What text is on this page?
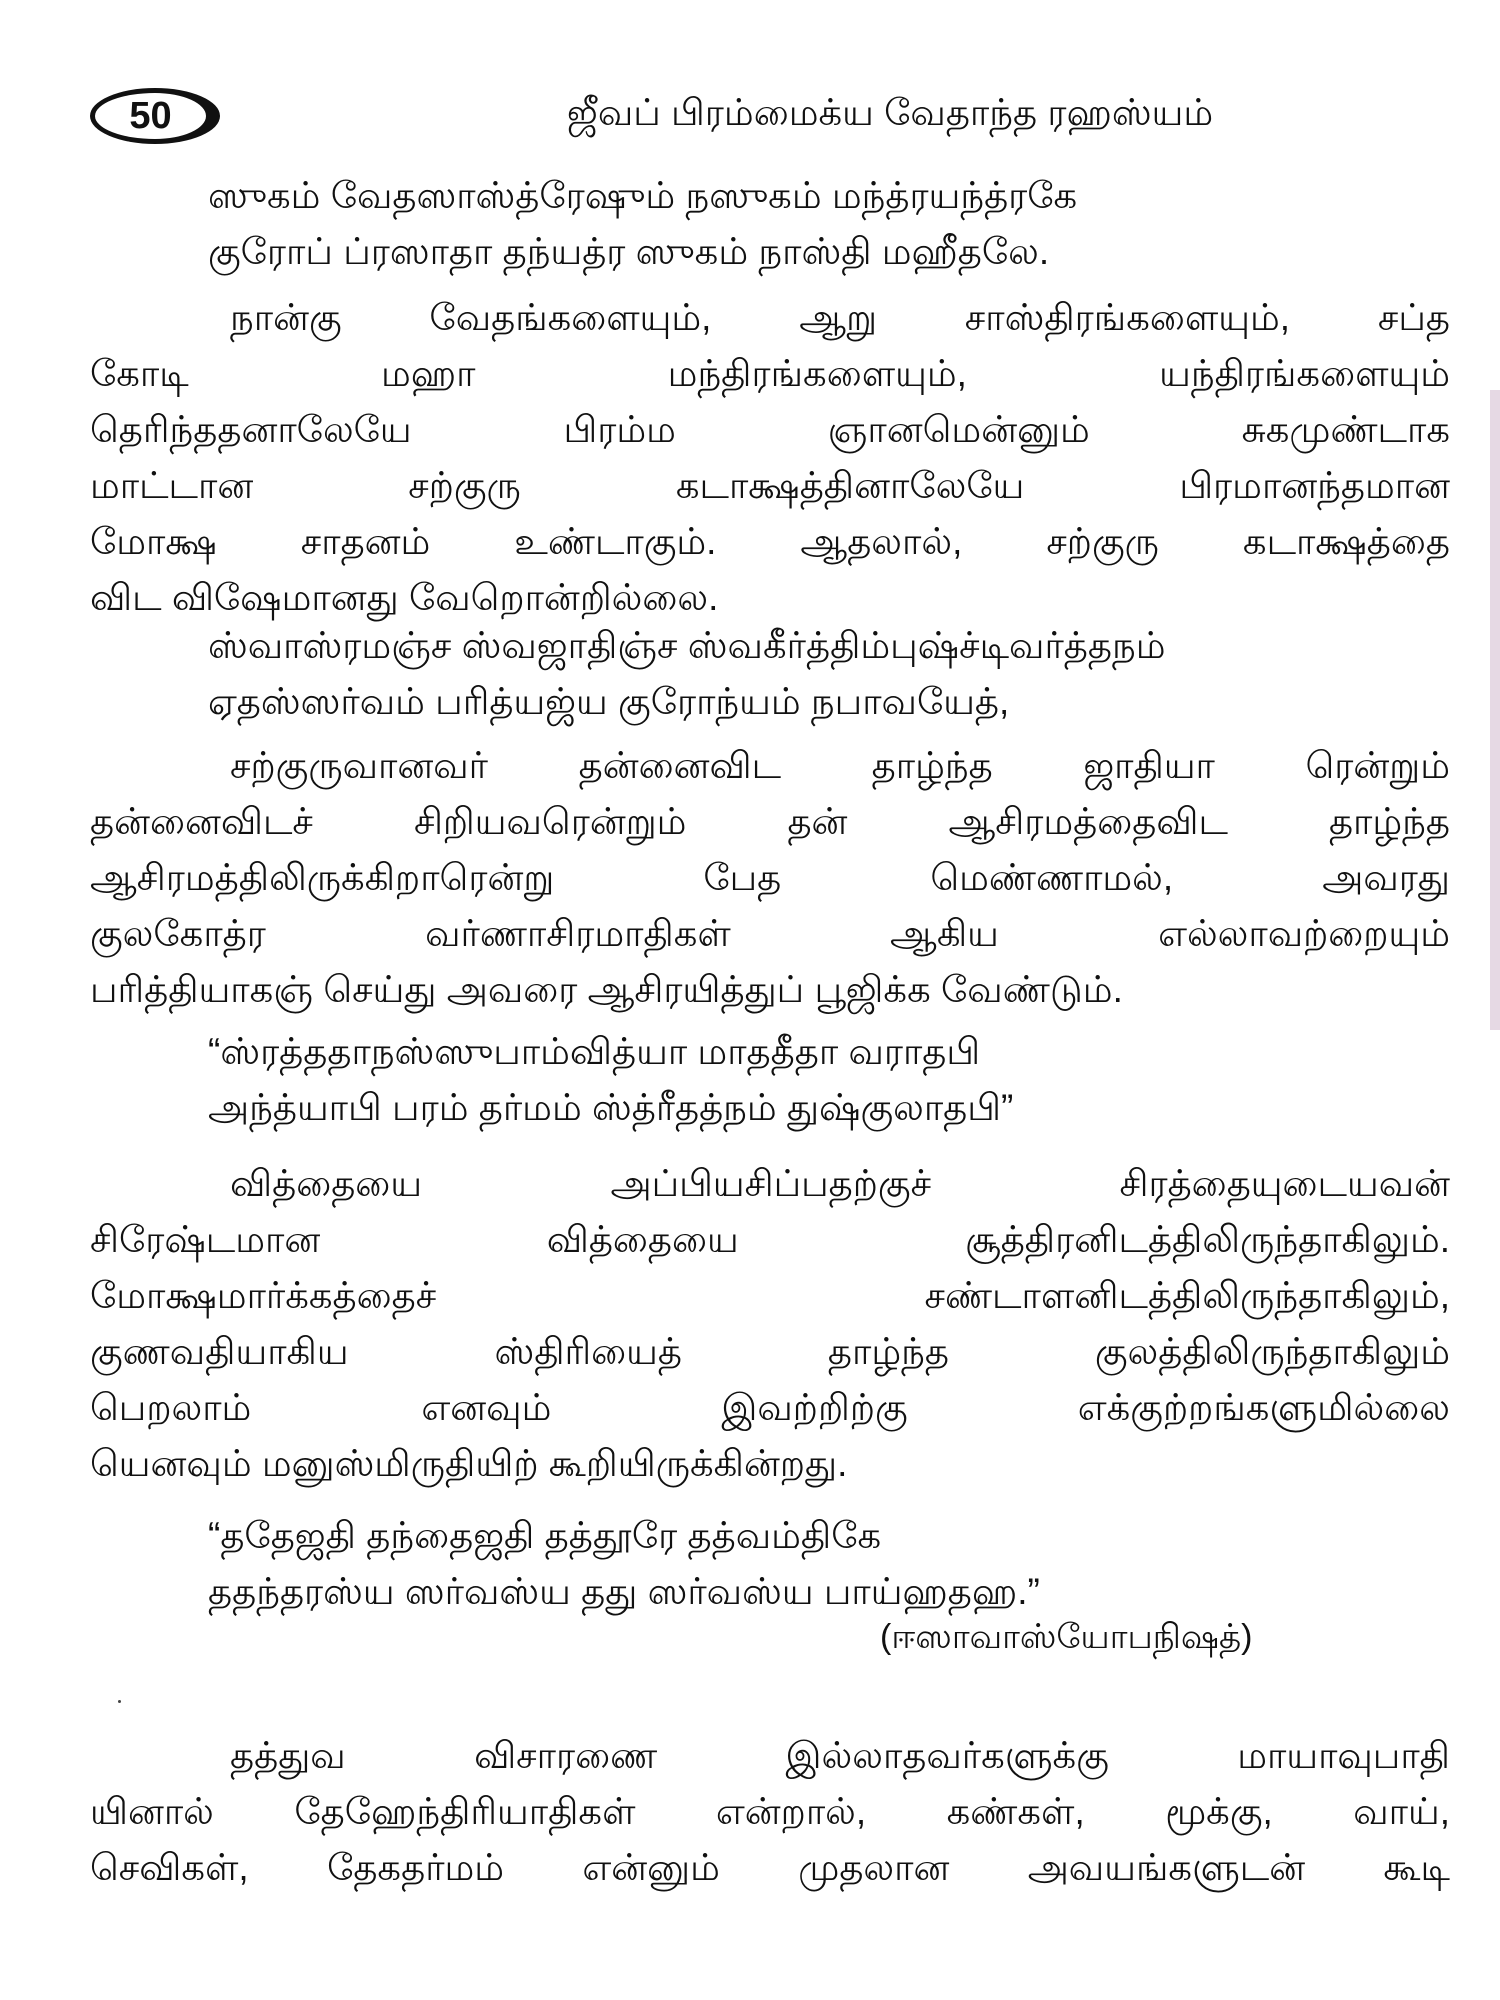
50	ஜீவப் பிரம்மைக்ய வேதாந்த ரஹஸ்யம்
ஸுகம் வேதஸாஸ்த்ரேஷும் நஸுகம் மந்த்ரயந்த்ரகே
குரோப் ப்ரஸாதா தந்யத்ர ஸுகம் நாஸ்தி மஹீதலே.
நான்கு வேதங்களையும், ஆறு சாஸ்திரங்களையும், சப்த
கோடி மஹா மந்திரங்களையும், யந்திரங்களையும்
தெரிந்ததனாலேயே பிரம்ம ஞானமென்னும் சுகமுண்டாக
மாட்டான சற்குரு கடாக்ஷத்தினாலேயே பிரமானந்தமான
மோக்ஷ சாதனம் உண்டாகும். ஆதலால், சற்குரு கடாக்ஷத்தை
விட விஷேமானது வேறொன்றில்லை.
ஸ்வாஸ்ரமஞ்ச ஸ்வஜாதிஞ்ச ஸ்வகீர்த்திம்புஷ்ச்டிவர்த்தநம்
ஏதஸ்ஸர்வம் பரித்யஜ்ய குரோந்யம் நபாவயேத்,
சற்குருவானவர் தன்னைவிட தாழ்ந்த ஜாதியா ரென்றும்
தன்னைவிடச் சிறியவரென்றும் தன் ஆசிரமத்தைவிட தாழ்ந்த
ஆசிரமத்திலிருக்கிறாரென்று பேத மெண்ணாமல், அவரது
குலகோத்ர வர்ணாசிரமாதிகள் ஆகிய எல்லாவற்றையும்
பரித்தியாகஞ் செய்து அவரை ஆசிரயித்துப் பூஜிக்க வேண்டும்.
“ஸ்ரத்ததாநஸ்ஸுபாம்வித்யா மாததீதா வராதபி
அந்த்யாபி பரம் தர்மம் ஸ்த்ரீதத்நம் துஷ்குலாதபி”
வித்தையை அப்பியசிப்பதற்குச் சிரத்தையுடையவன்
சிரேஷ்டமான வித்தையை சூத்திரனிடத்திலிருந்தாகிலும்.
மோக்ஷமார்க்கத்தைச் சண்டாளனிடத்திலிருந்தாகிலும்,
குணவதியாகிய ஸ்திரியைத் தாழ்ந்த குலத்திலிருந்தாகிலும்
பெறலாம் எனவும் இவற்றிற்கு எக்குற்றங்களுமில்லை
யெனவும் மனுஸ்மிருதியிற் கூறியிருக்கின்றது.
“ததேஜதி தந்தைஜதி தத்தூரே தத்வம்திகே
ததந்தரஸ்ய ஸர்வஸ்ய தது ஸர்வஸ்ய பாய்ஹதஹ.”
(ஈஸாவாஸ்யோபநிஷத்)
தத்துவ விசாரணை இல்லாதவர்களுக்கு மாயாவுபாதி
யினால் தேஹேந்திரியாதிகள் என்றால், கண்கள், மூக்கு, வாய்,
செவிகள், தேகதர்மம் என்னும் முதலான அவயங்களுடன் கூடி
